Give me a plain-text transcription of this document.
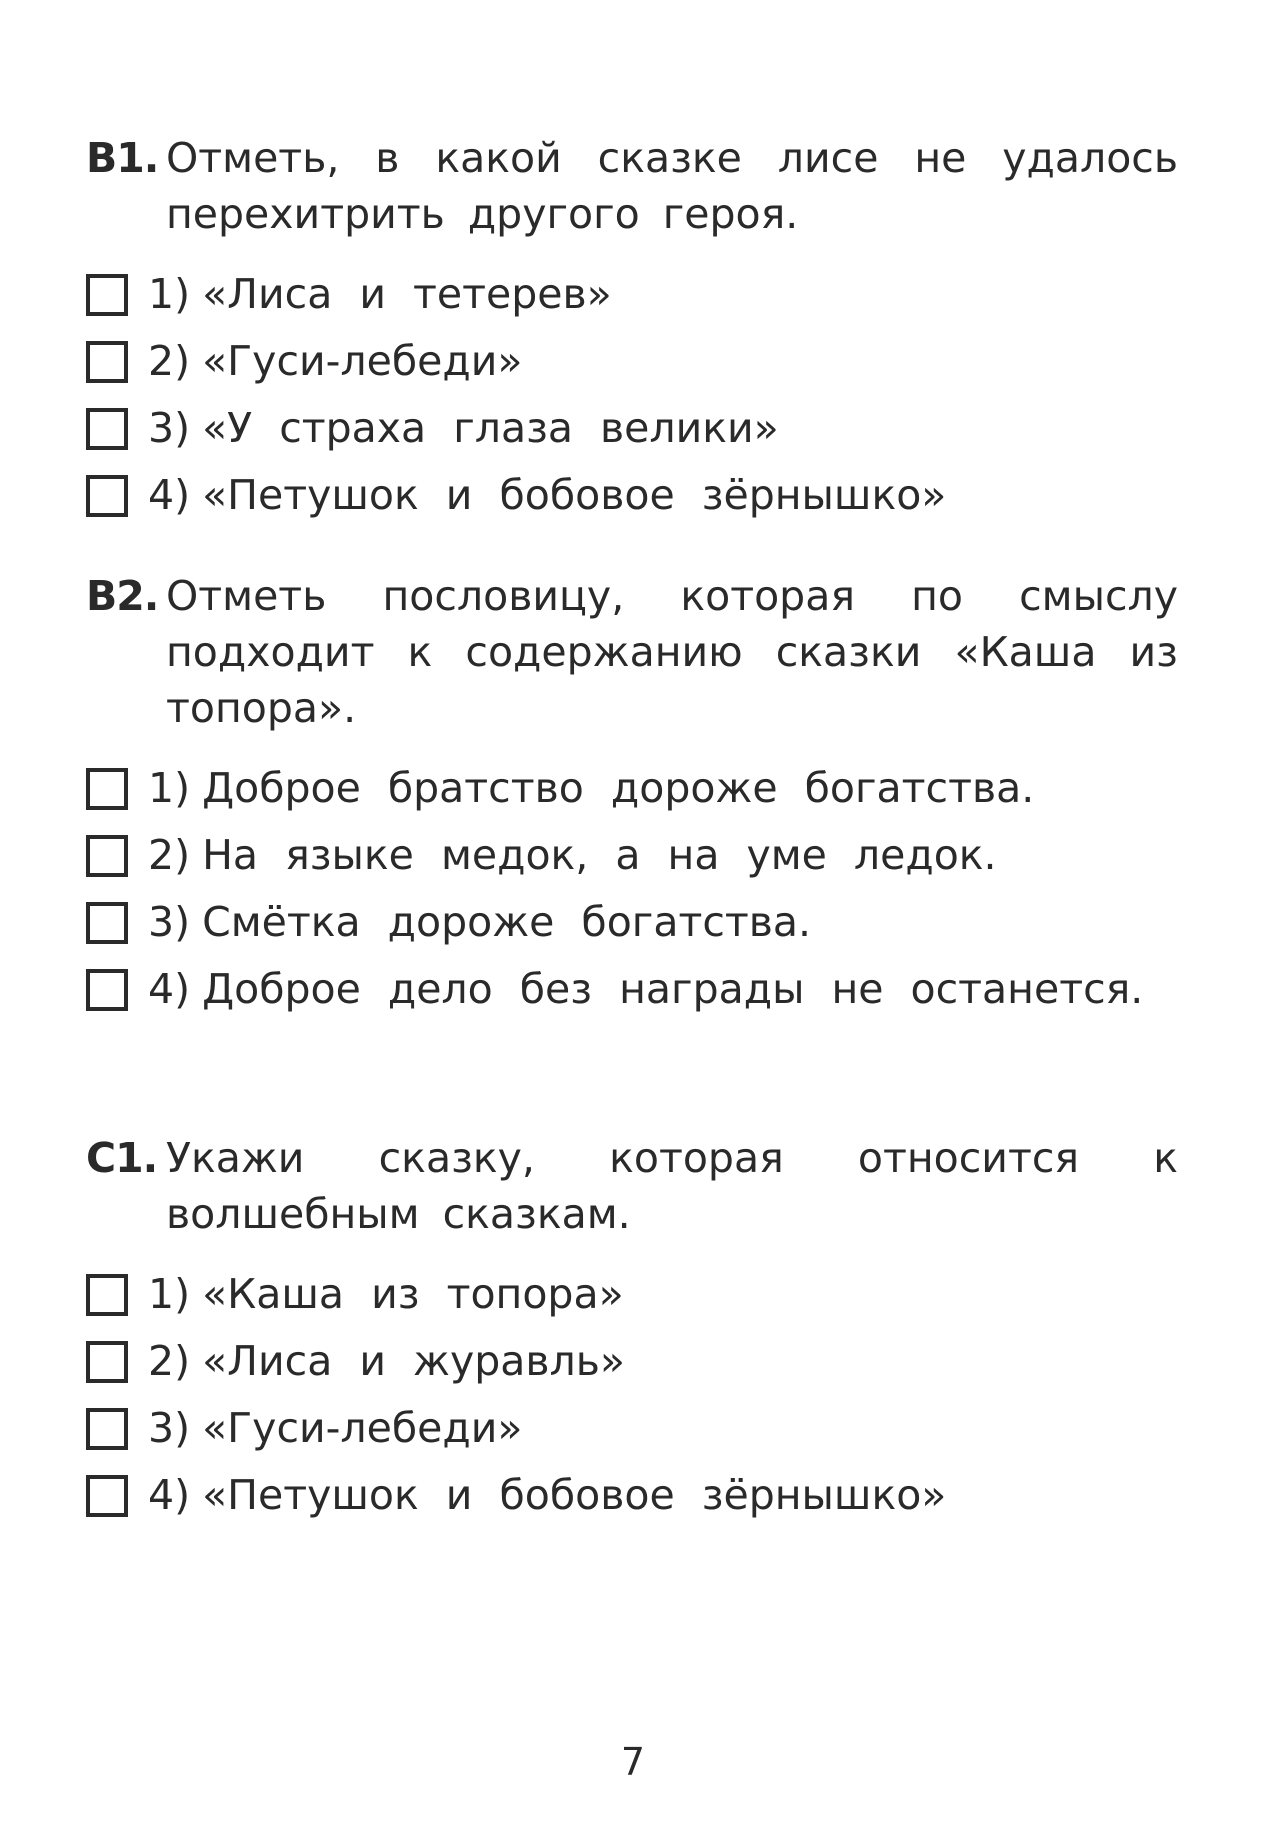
B1. Отметь, в какой сказке лисе не удалось перехитрить другого героя.
1) «Лиса и тетерев»
2) «Гуси-лебеди»
3) «У страха глаза велики»
4) «Петушок и бобовое зёрнышко»
B2. Отметь пословицу, которая по смыслу подходит к содержанию сказки «Каша из топора».
1) Доброе братство дороже богатства.
2) На языке медок, а на уме ледок.
3) Смётка дороже богатства.
4) Доброе дело без награды не останется.
C1. Укажи сказку, которая относится к волшебным сказкам.
1) «Каша из топора»
2) «Лиса и журавль»
3) «Гуси-лебеди»
4) «Петушок и бобовое зёрнышко»
7
